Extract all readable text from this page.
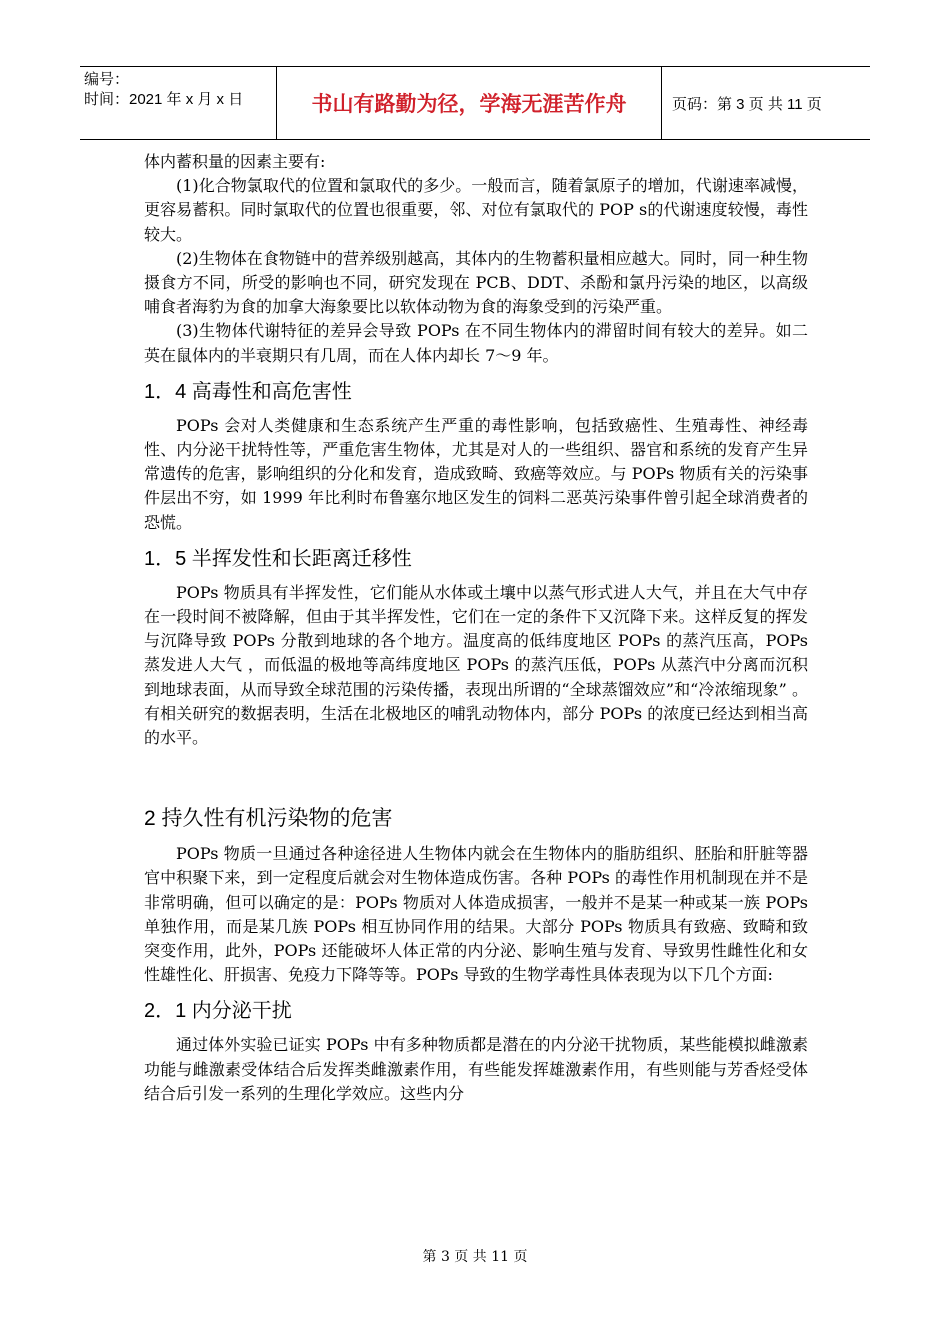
编号：
时间：2021 年 x 月 x 日	书山有路勤为径，学海无涯苦作舟	页码：第 3 页 共 11 页

体内蓄积量的因素主要有:

(1)化合物氯取代的位置和氯取代的多少。一般而言，随着氯原子的增加，代谢速率减慢，更容易蓄积。同时氯取代的位置也很重要，邻、对位有氯取代的 POP s的代谢速度较慢，毒性较大。

(2)生物体在食物链中的营养级别越高，其体内的生物蓄积量相应越大。同时，同一种生物摄食方不同，所受的影响也不同，研究发现在 PCB、DDT、杀酚和氯丹污染的地区，以高级哺食者海豹为食的加拿大海象要比以软体动物为食的海象受到的污染严重。

(3)生物体代谢特征的差异会导致 POPs 在不同生物体内的滞留时间有较大的差异。如二英在鼠体内的半衰期只有几周，而在人体内却长 7～9 年。

1．4 高毒性和高危害性

POPs 会对人类健康和生态系统产生严重的毒性影响，包括致癌性、生殖毒性、神经毒性、内分泌干扰特性等，严重危害生物体，尤其是对人的一些组织、器官和系统的发育产生异常遗传的危害，影响组织的分化和发育，造成致畸、致癌等效应。与 POPs 物质有关的污染事件层出不穷，如 1999 年比利时布鲁塞尔地区发生的饲料二恶英污染事件曾引起全球消费者的恐慌。

1．5 半挥发性和长距离迁移性

POPs 物质具有半挥发性，它们能从水体或土壤中以蒸气形式进人大气，并且在大气中存在一段时间不被降解，但由于其半挥发性，它们在一定的条件下又沉降下来。这样反复的挥发与沉降导致 POPs 分散到地球的各个地方。温度高的低纬度地区 POPs 的蒸汽压高，POPs 蒸发进人大气 ，而低温的极地等高纬度地区 POPs 的蒸汽压低，POPs 从蒸汽中分离而沉积到地球表面，从而导致全球范围的污染传播，表现出所谓的“全球蒸馏效应”和“冷浓缩现象” 。有相关研究的数据表明，生活在北极地区的哺乳动物体内，部分 POPs 的浓度已经达到相当高的水平。

2 持久性有机污染物的危害

POPs 物质一旦通过各种途径进人生物体内就会在生物体内的脂肪组织、胚胎和肝脏等器官中积聚下来，到一定程度后就会对生物体造成伤害。各种 POPs 的毒性作用机制现在并不是非常明确，但可以确定的是：POPs 物质对人体造成损害，一般并不是某一种或某一族 POPs 单独作用，而是某几族 POPs 相互协同作用的结果。大部分 POPs 物质具有致癌、致畸和致突变作用，此外，POPs 还能破坏人体正常的内分泌、影响生殖与发育、导致男性雌性化和女性雄性化、肝损害、免疫力下降等等。POPs 导致的生物学毒性具体表现为以下几个方面:

2．1 内分泌干扰

通过体外实验已证实 POPs 中有多种物质都是潜在的内分泌干扰物质，某些能模拟雌激素功能与雌激素受体结合后发挥类雌激素作用，有些能发挥雄激素作用，有些则能与芳香烃受体结合后引发一系列的生理化学效应。这些内分

第 3 页 共 11 页
